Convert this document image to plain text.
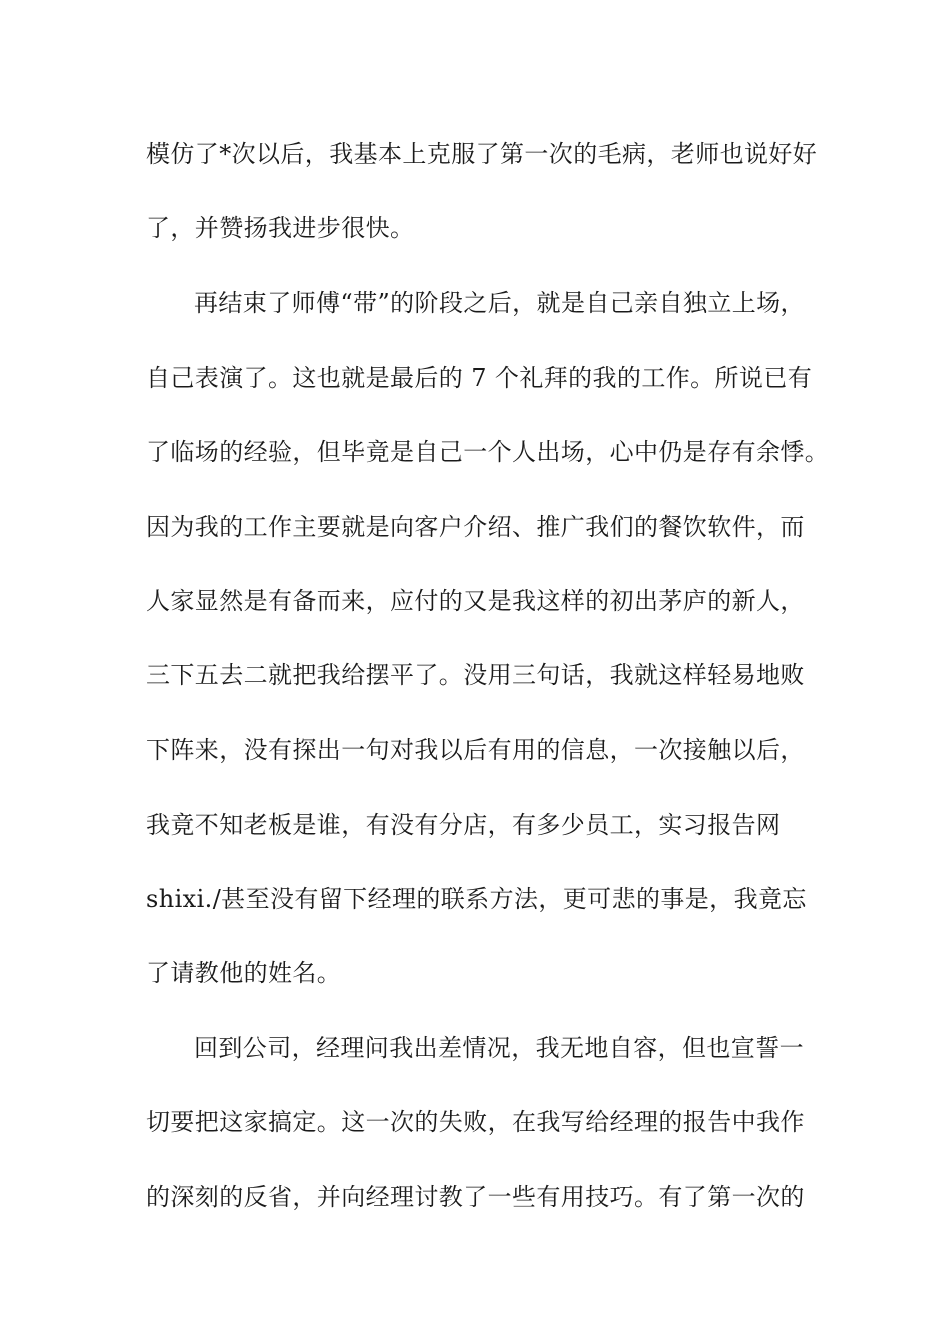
模仿了*次以后，我基本上克服了第一次的毛病，老师也说好好
了，并赞扬我进步很快。
再结束了师傅“带”的阶段之后，就是自己亲自独立上场，
自己表演了。这也就是最后的 7 个礼拜的我的工作。所说已有
了临场的经验，但毕竟是自己一个人出场，心中仍是存有余悸。
因为我的工作主要就是向客户介绍、推广我们的餐饮软件，而
人家显然是有备而来，应付的又是我这样的初出茅庐的新人，
三下五去二就把我给摆平了。没用三句话，我就这样轻易地败
下阵来，没有探出一句对我以后有用的信息，一次接触以后，
我竟不知老板是谁，有没有分店，有多少员工，实习报告网
shixi./甚至没有留下经理的联系方法，更可悲的事是，我竟忘
了请教他的姓名。
回到公司，经理问我出差情况，我无地自容，但也宣誓一
切要把这家搞定。这一次的失败，在我写给经理的报告中我作
的深刻的反省，并向经理讨教了一些有用技巧。有了第一次的
